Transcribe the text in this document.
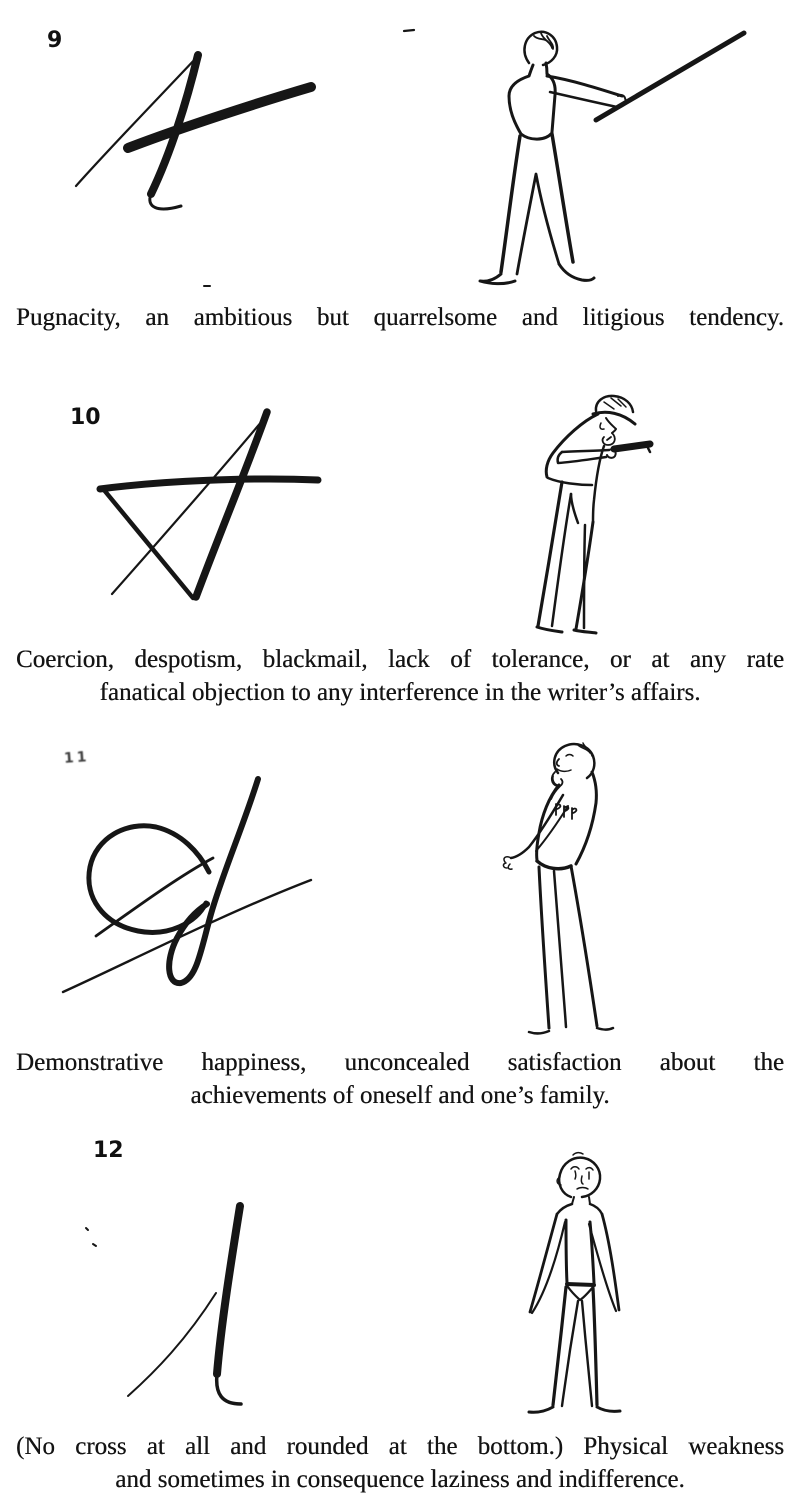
9
Pugnacity, an ambitious but quarrelsome and litigious tendency.
10
Coercion, despotism, blackmail, lack of tolerance, or at any rate
fanatical objection to any interference in the writer’s affairs.
11
Demonstrative happiness, unconcealed satisfaction about the
achievements of oneself and one’s family.
12
(No cross at all and rounded at the bottom.) Physical weakness
and sometimes in consequence laziness and indifference.
